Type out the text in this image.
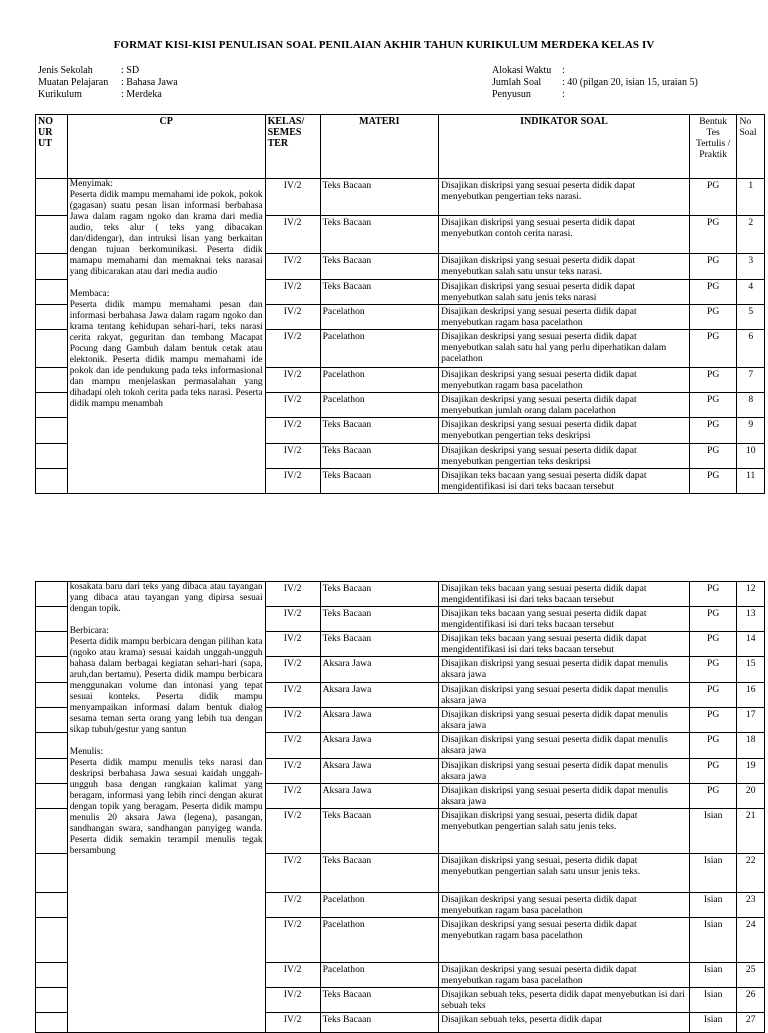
FORMAT KISI-KISI PENULISAN SOAL PENILAIAN AKHIR TAHUN KURIKULUM MERDEKA KELAS IV
Jenis Sekolah	: SD
Muatan Pelajaran : Bahasa Jawa
Kurikulum	: Merdeka
Alokasi Waktu :
Jumlah Soal : 40 (pilgan 20, isian 15, uraian 5)
Penyusun	:
NO UR UT	CP	KELAS/ SEMES TER	MATERI	INDIKATOR SOAL	Bentuk Tes Tertulis / Praktik	No Soal

	Menyimak:

Peserta didik mampu memahami ide pokok, pokok (gagasan) suatu pesan lisan informasi berbahasa Jawa dalam ragam ngoko dan krama dari media audio, teks alur ( teks yang dibacakan dan/didengar), dan intruksi lisan yang berkaitan dengan tujuan berkomunikasi. Peserta didik mamapu memahami dan memaknai teks narasai yang dibicarakan atau dari media audio

Membaca:

Peserta didik mampu memahami pesan dan informasi berbahasa Jawa dalam ragam ngoko dan krama tentang kehidupan sehari-hari, teks narasi cerita rakyat, geguritan dan tembang Macapat Pocung dang Gambuh dalam bentuk cetak atau elektonik. Peserta didik mampu memahami ide pokok dan ide pendukung pada teks informasional dan mampu menjelaskan permasalahan yang dihadapi oleh tokoh cerita pada teks narasi. Peserta didik mampu menambah	IV/2	Teks Bacaan	Disajikan diskripsi yang sesuai peserta didik dapat menyebutkan pengertian teks narasi.	PG	1
		IV/2	Teks Bacaan	Disajikan diskripsi yang sesuai peserta didik dapat menyebutkan contoh cerita narasi.	PG	2
		IV/2	Teks Bacaan	Disajikan diskripsi yang sesuai peserta didik dapat menyebutkan salah satu unsur teks narasi.	PG	3
		IV/2	Teks Bacaan	Disajikan diskripsi yang sesuai peserta didik dapat menyebutkan salah satu jenis teks narasi	PG	4
		IV/2	Pacelathon	Disajikan deskripsi yang sesuai peserta didik dapat menyebutkan ragam basa pacelathon	PG	5
		IV/2	Pacelathon	Disajikan deskripsi yang sesuai peserta didik dapat menyebutkan salah satu hal yang perlu diperhatikan dalam pacelathon	PG	6
		IV/2	Pacelathon	Disajikan deskripsi yang sesuai peserta didik dapat menyebutkan ragam basa pacelathon	PG	7
		IV/2	Pacelathon	Disajikan deskripsi yang sesuai peserta didik dapat menyebutkan jumlah orang dalam pacelathon	PG	8
		IV/2	Teks Bacaan	Disajikan deskripsi yang sesuai peserta didik dapat menyebutkan pengertian teks deskripsi	PG	9
		IV/2	Teks Bacaan	Disajikan deskripsi yang sesuai peserta didik dapat menyebutkan pengertian teks deskripsi	PG	10
		IV/2	Teks Bacaan	Disajikan teks bacaan yang sesuai peserta didik dapat mengidentifikasi isi dari teks bacaan tersebut	PG	11

	kosakata baru dari teks yang dibaca atau tayangan yang dibaca atau tayangan yang dipirsa sesuai dengan topik.

Berbicara:

Peserta didik mampu berbicara dengan pilihan kata (ngoko atau krama) sesuai kaidah unggah-ungguh bahasa dalam berbagai kegiatan sehari-hari (sapa, aruh,dan bertamu). Peserta didik mampu berbicara menggunakan volume dan intonasi yang tepat sesuai konteks. Peserta didik mampu menyampaikan informasi dalam bentuk dialog sesama teman serta orang yang lebih tua dengan sikap tubuh/gestur yang santun

Menulis:

Peserta didik mampu menulis teks narasi dan deskripsi berbahasa Jawa sesuai kaidah unggah-ungguh basa dengan rangkaian kalimat yang beragam, informasi yang lebih rinci dengan akurat dengan topik yang beragam. Peserta didik mampu menulis 20 aksara Jawa (legena), pasangan, sandhangan swara, sandhangan panyigeg wanda. Peserta didik semakin terampil menulis tegak bersambung	IV/2	Teks Bacaan	Disajikan teks bacaan yang sesuai peserta didik dapat mengidentifikasi isi dari teks bacaan tersebut	PG	12
		IV/2	Teks Bacaan	Disajikan teks bacaan yang sesuai peserta didik dapat mengidentifikasi isi dari teks bacaan tersebut	PG	13
		IV/2	Teks Bacaan	Disajikan teks bacaan yang sesuai peserta didik dapat mengidentifikasi isi dari teks bacaan tersebut	PG	14
		IV/2	Aksara Jawa	Disajikan diskripsi yang sesuai peserta didik dapat menulis aksara jawa	PG	15
		IV/2	Aksara Jawa	Disajikan diskripsi yang sesuai peserta didik dapat menulis aksara jawa	PG	16
		IV/2	Aksara Jawa	Disajikan diskripsi yang sesuai peserta didik dapat menulis aksara jawa	PG	17
		IV/2	Aksara Jawa	Disajikan diskripsi yang sesuai peserta didik dapat menulis aksara jawa	PG	18
		IV/2	Aksara Jawa	Disajikan diskripsi yang sesuai peserta didik dapat menulis aksara jawa	PG	19
		IV/2	Aksara Jawa	Disajikan diskripsi yang sesuai peserta didik dapat menulis aksara jawa	PG	20
		IV/2	Teks Bacaan	Disajikan diskripsi yang sesuai, peserta didik dapat menyebutkan pengertian salah satu jenis teks.	Isian	21
		IV/2	Teks Bacaan	Disajikan diskripsi yang sesuai, peserta didik dapat menyebutkan pengertian salah satu unsur jenis teks.	Isian	22
		IV/2	Pacelathon	Disajikan deskripsi yang sesuai peserta didik dapat menyebutkan ragam basa pacelathon	Isian	23
		IV/2	Pacelathon	Disajikan deskripsi yang sesuai peserta didik dapat menyebutkan ragam basa pacelathon	Isian	24
		IV/2	Pacelathon	Disajikan deskripsi yang sesuai peserta didik dapat menyebutkan ragam basa pacelathon	Isian	25
		IV/2	Teks Bacaan	Disajikan sebuah teks, peserta didik dapat menyebutkan isi dari sebuah teks	Isian	26
		IV/2	Teks Bacaan	Disajikan sebuah teks, peserta didik dapat	Isian	27
